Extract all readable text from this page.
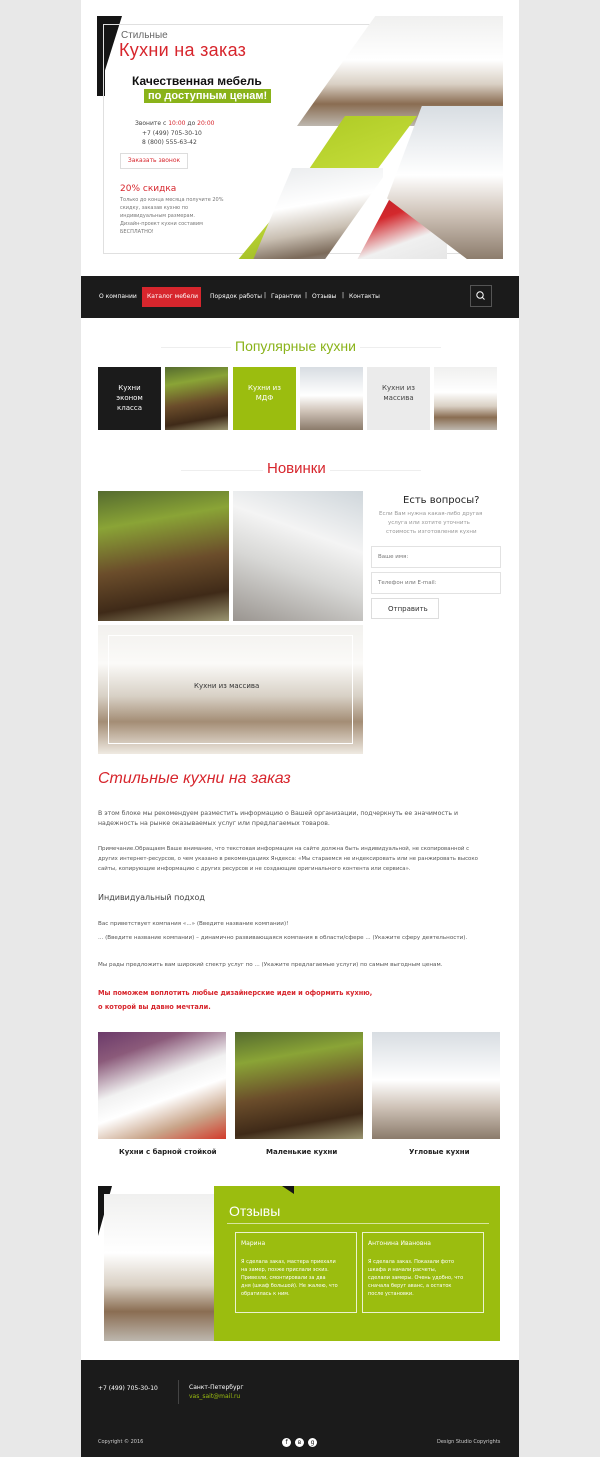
Стильные
Кухни на заказ
Качественная мебель
по доступным ценам!
Звоните с 10:00 до 20:00
+7 (499) 705-30-10
8 (800) 555-63-42
Заказать звонок
20% скидка
Только до конца месяца получите 20%
скидку, заказав кухню по
индивидуальным размерам.
Дизайн-проект кухни составим
БЕСПЛАТНО!
О компании Каталог мебели Порядок работы | Гарантии | Отзывы | Контакты
Популярные кухни
Кухни эконом класса
Кухни из МДФ
Кухни из массива
Новинки
Кухни из массива
Есть вопросы?
Если Вам нужна какая-либо другая
услуга или хотите уточнить
стоимость изготовления кухни
Ваше имя:
Телефон или E-mail:
Отправить
Стильные кухни на заказ
В этом блоке мы рекомендуем разместить информацию о Вашей организации, подчеркнуть ее значимость и
надежность на рынке оказываемых услуг или предлагаемых товаров.
Примечание.Обращаем Ваше внимание, что текстовая информация на сайте должна быть индивидуальной, не скопированной с
других интернет-ресурсов, о чем указано в рекомендациях Яндекса: «Мы стараемся не индексировать или не ранжировать высоко
сайты, копирующие информацию с других ресурсов и не создающие оригинального контента или сервиса».
Индивидуальный подход
Вас приветствует компания «...» (Введите название компании)!
... (Введите название компании) – динамично развивающаяся компания в области/сфере ... (Укажите сферу деятельности).
Мы рады предложить вам широкий спектр услуг по ... (Укажите предлагаемые услуги) по самым выгодным ценам.
Мы поможем воплотить любые дизайнерские идеи и оформить кухню,
о которой вы давно мечтали.
Кухни с барной стойкой	Маленькие кухни	Угловые кухни
Отзывы
Марина
Я сделала заказ, мастера приехали
на замер, позже прислали эскиз.
Привезли, смонтировали за два
дня (шкаф большой). Не жалею, что
обратилась к ним.
Антонина Ивановна
Я сделала заказ. Показали фото
шкафа и начали расчеты,
сделали замеры. Очень удобно, что
сначала берут аванс, а остаток
после установки.
+7 (499) 705-30-10	Санкт-Петербург
vas_sait@mail.ru
Copyright © 2016	f	в	g	Design Studio Copyrights
